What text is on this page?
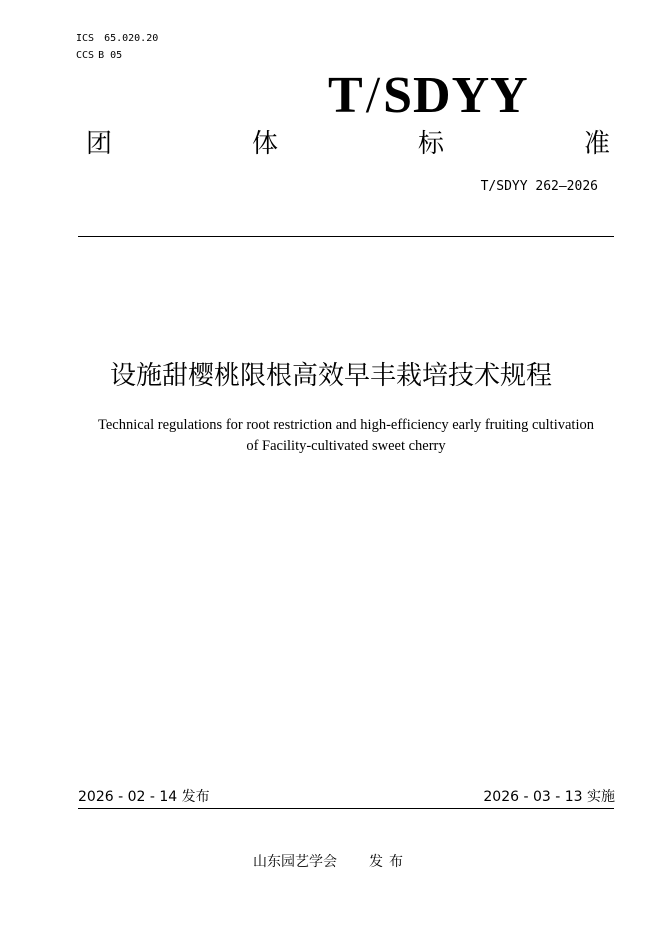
ICS 65.020.20
CCS B 05
T/SDYY
团	体	标	准
T/SDYY 262—2026
设施甜樱桃限根高效早丰栽培技术规程
Technical regulations for root restriction and high-efficiency early fruiting cultivation
of Facility-cultivated sweet cherry
2026 - 02 - 14 发布	2026 - 03 - 13 实施
山东园艺学会 发布
